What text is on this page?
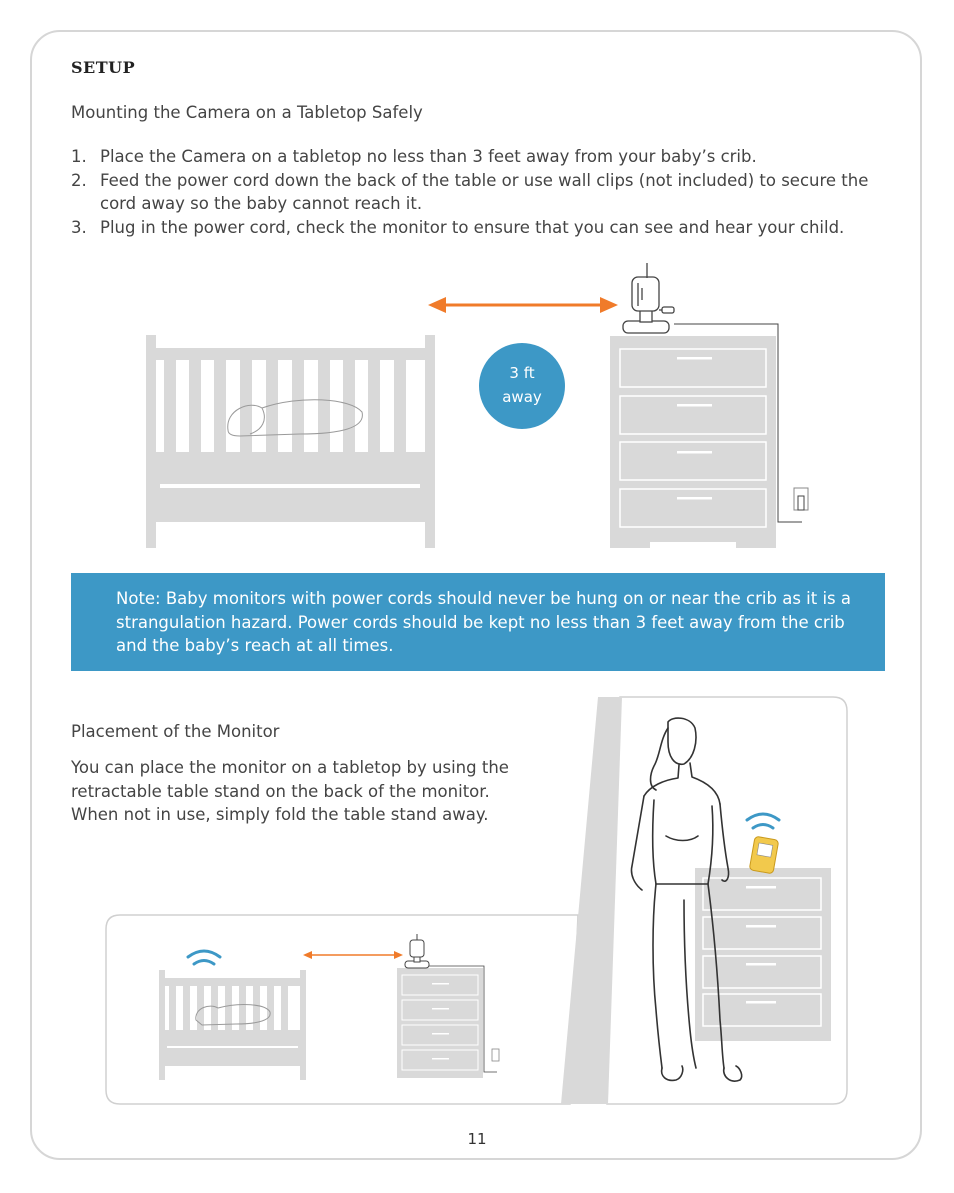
SETUP
Mounting the Camera on a Tabletop Safely
1. Place the Camera on a tabletop no less than 3 feet away from your baby’s crib.
2. Feed the power cord down the back of the table or use wall clips (not included) to secure the cord away so the baby cannot reach it.
3. Plug in the power cord, check the monitor to ensure that you can see and hear your child.
3 ft
away
Note: Baby monitors with power cords should never be hung on or near the crib as it is a strangulation hazard. Power cords should be kept no less than 3 feet away from the crib and the baby’s reach at all times.
Placement of the Monitor

You can place the monitor on a tabletop by using the retractable table stand on the back of the monitor. When not in use, simply fold the table stand away.

11
